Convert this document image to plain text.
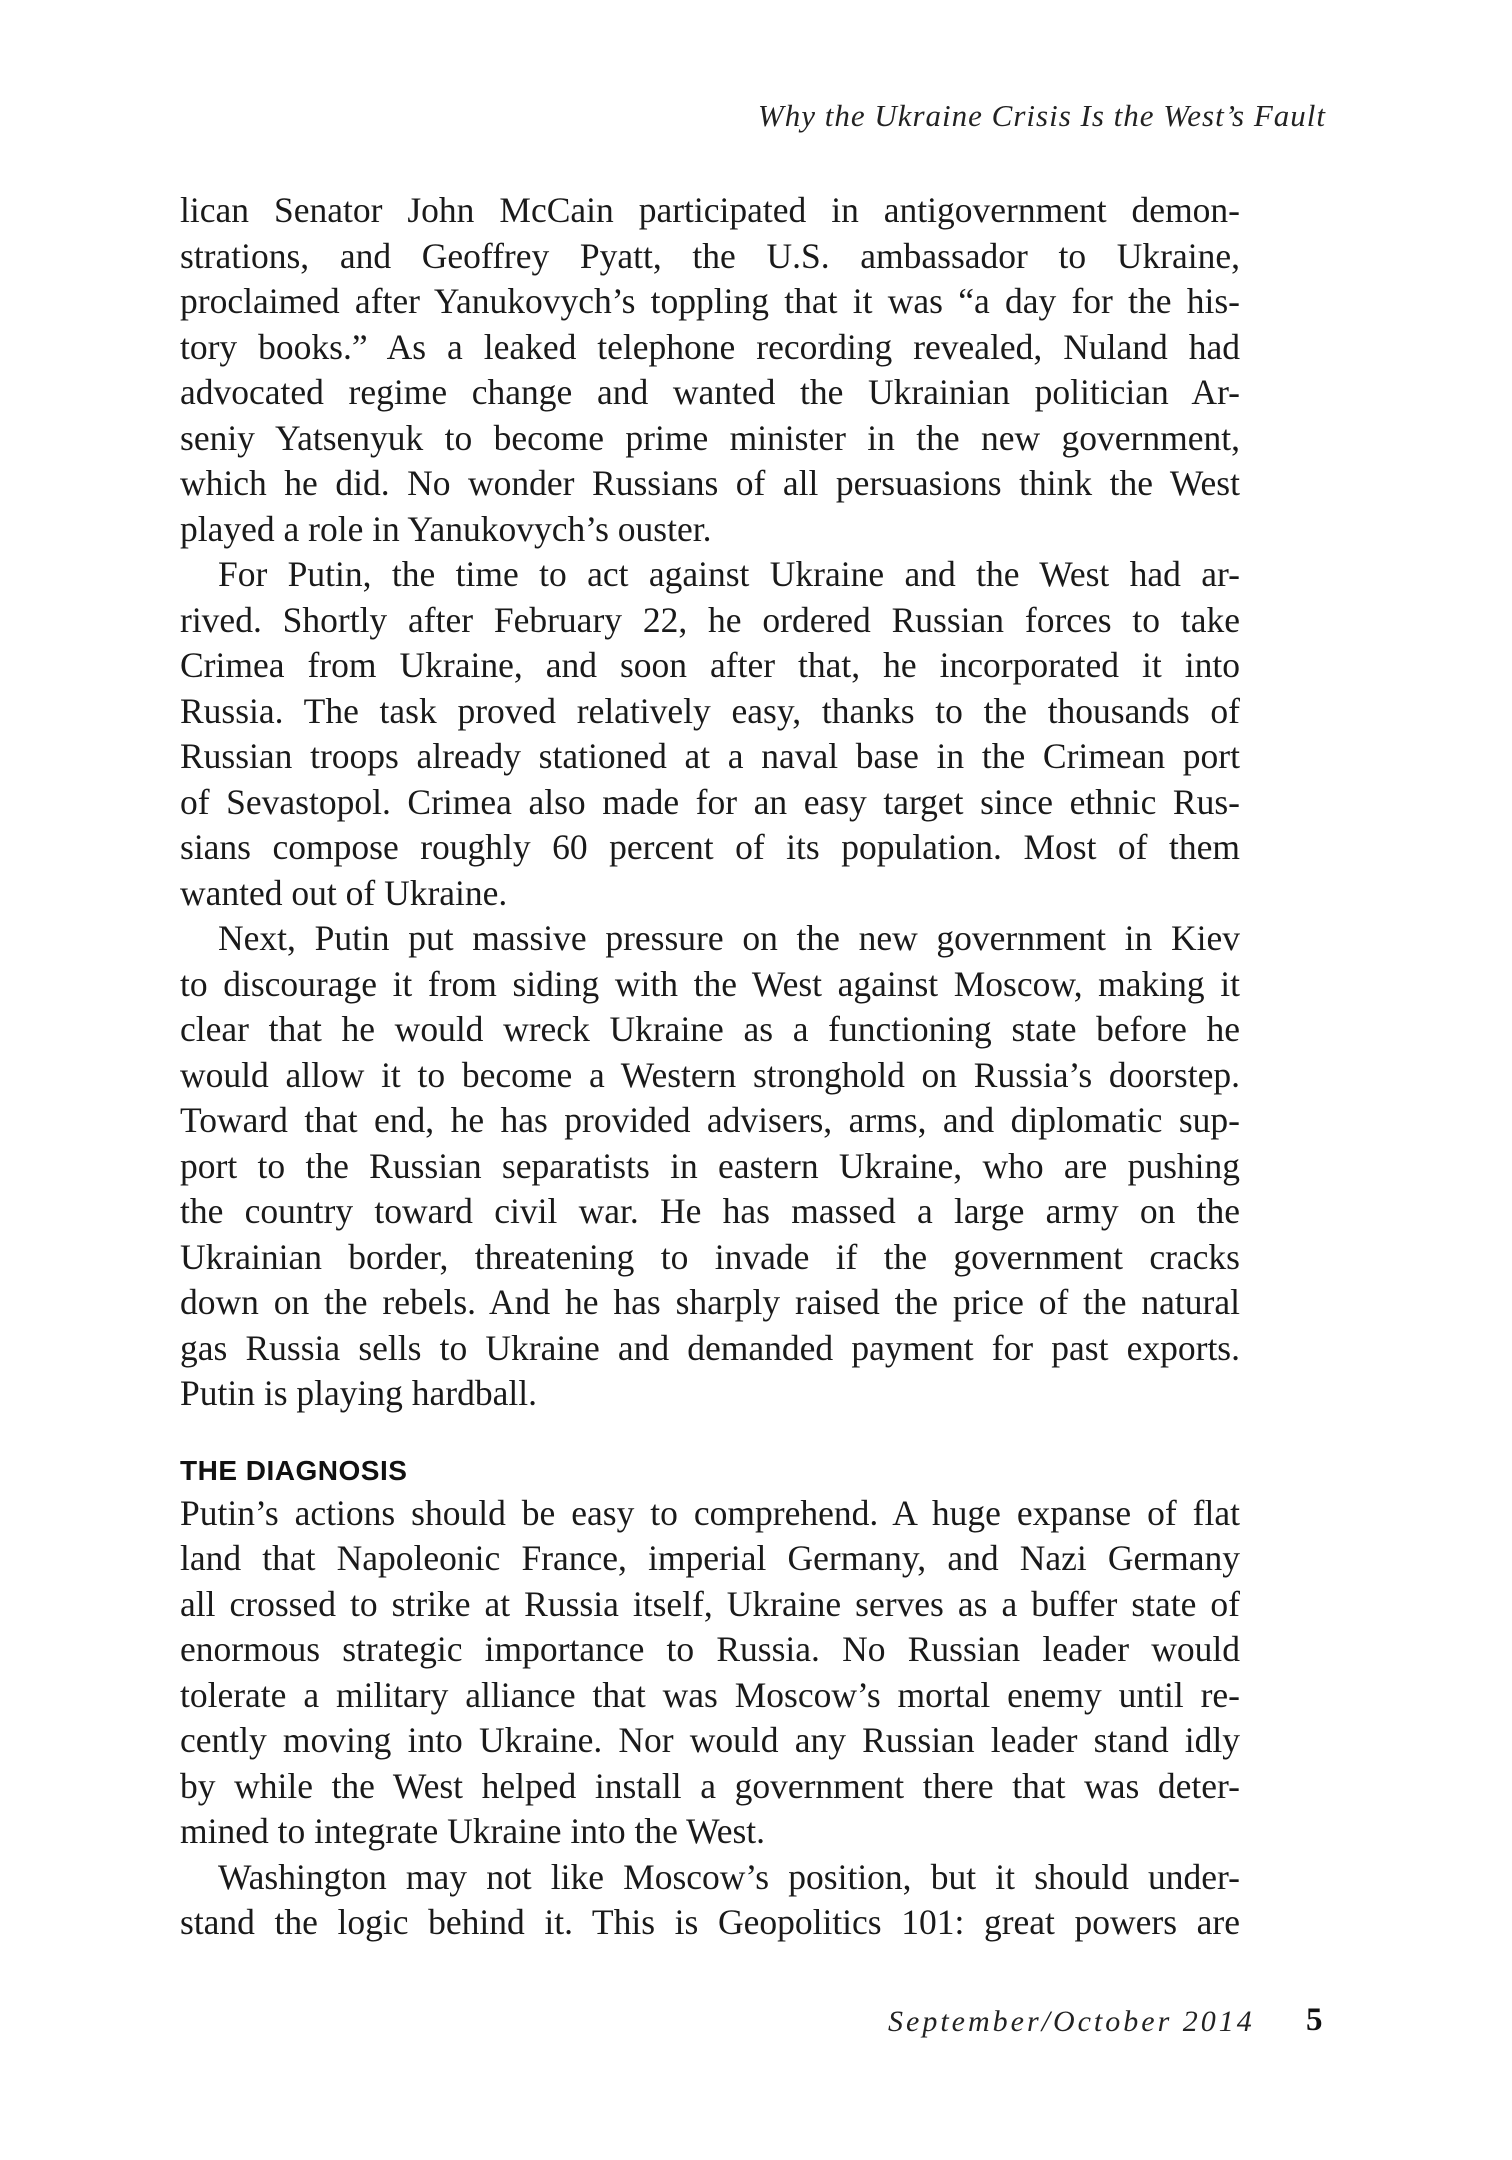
Why the Ukraine Crisis Is the West’s Fault

lican Senator John McCain participated in antigovernment demon-
strations, and Geoffrey Pyatt, the U.S. ambassador to Ukraine,
proclaimed after Yanukovych’s toppling that it was “a day for the his-
tory books.” As a leaked telephone recording revealed, Nuland had
advocated regime change and wanted the Ukrainian politician Ar-
seniy Yatsenyuk to become prime minister in the new government,
which he did. No wonder Russians of all persuasions think the West
played a role in Yanukovych’s ouster.

For Putin, the time to act against Ukraine and the West had ar-
rived. Shortly after February 22, he ordered Russian forces to take
Crimea from Ukraine, and soon after that, he incorporated it into
Russia. The task proved relatively easy, thanks to the thousands of
Russian troops already stationed at a naval base in the Crimean port
of Sevastopol. Crimea also made for an easy target since ethnic Rus-
sians compose roughly 60 percent of its population. Most of them
wanted out of Ukraine.

Next, Putin put massive pressure on the new government in Kiev
to discourage it from siding with the West against Moscow, making it
clear that he would wreck Ukraine as a functioning state before he
would allow it to become a Western stronghold on Russia’s doorstep.
Toward that end, he has provided advisers, arms, and diplomatic sup-
port to the Russian separatists in eastern Ukraine, who are pushing
the country toward civil war. He has massed a large army on the
Ukrainian border, threatening to invade if the government cracks
down on the rebels. And he has sharply raised the price of the natural
gas Russia sells to Ukraine and demanded payment for past exports.
Putin is playing hardball.

THE DIAGNOSIS

Putin’s actions should be easy to comprehend. A huge expanse of flat
land that Napoleonic France, imperial Germany, and Nazi Germany
all crossed to strike at Russia itself, Ukraine serves as a buffer state of
enormous strategic importance to Russia. No Russian leader would
tolerate a military alliance that was Moscow’s mortal enemy until re-
cently moving into Ukraine. Nor would any Russian leader stand idly
by while the West helped install a government there that was deter-
mined to integrate Ukraine into the West.

Washington may not like Moscow’s position, but it should under-
stand the logic behind it. This is Geopolitics 101: great powers are

September/October 2014 5
